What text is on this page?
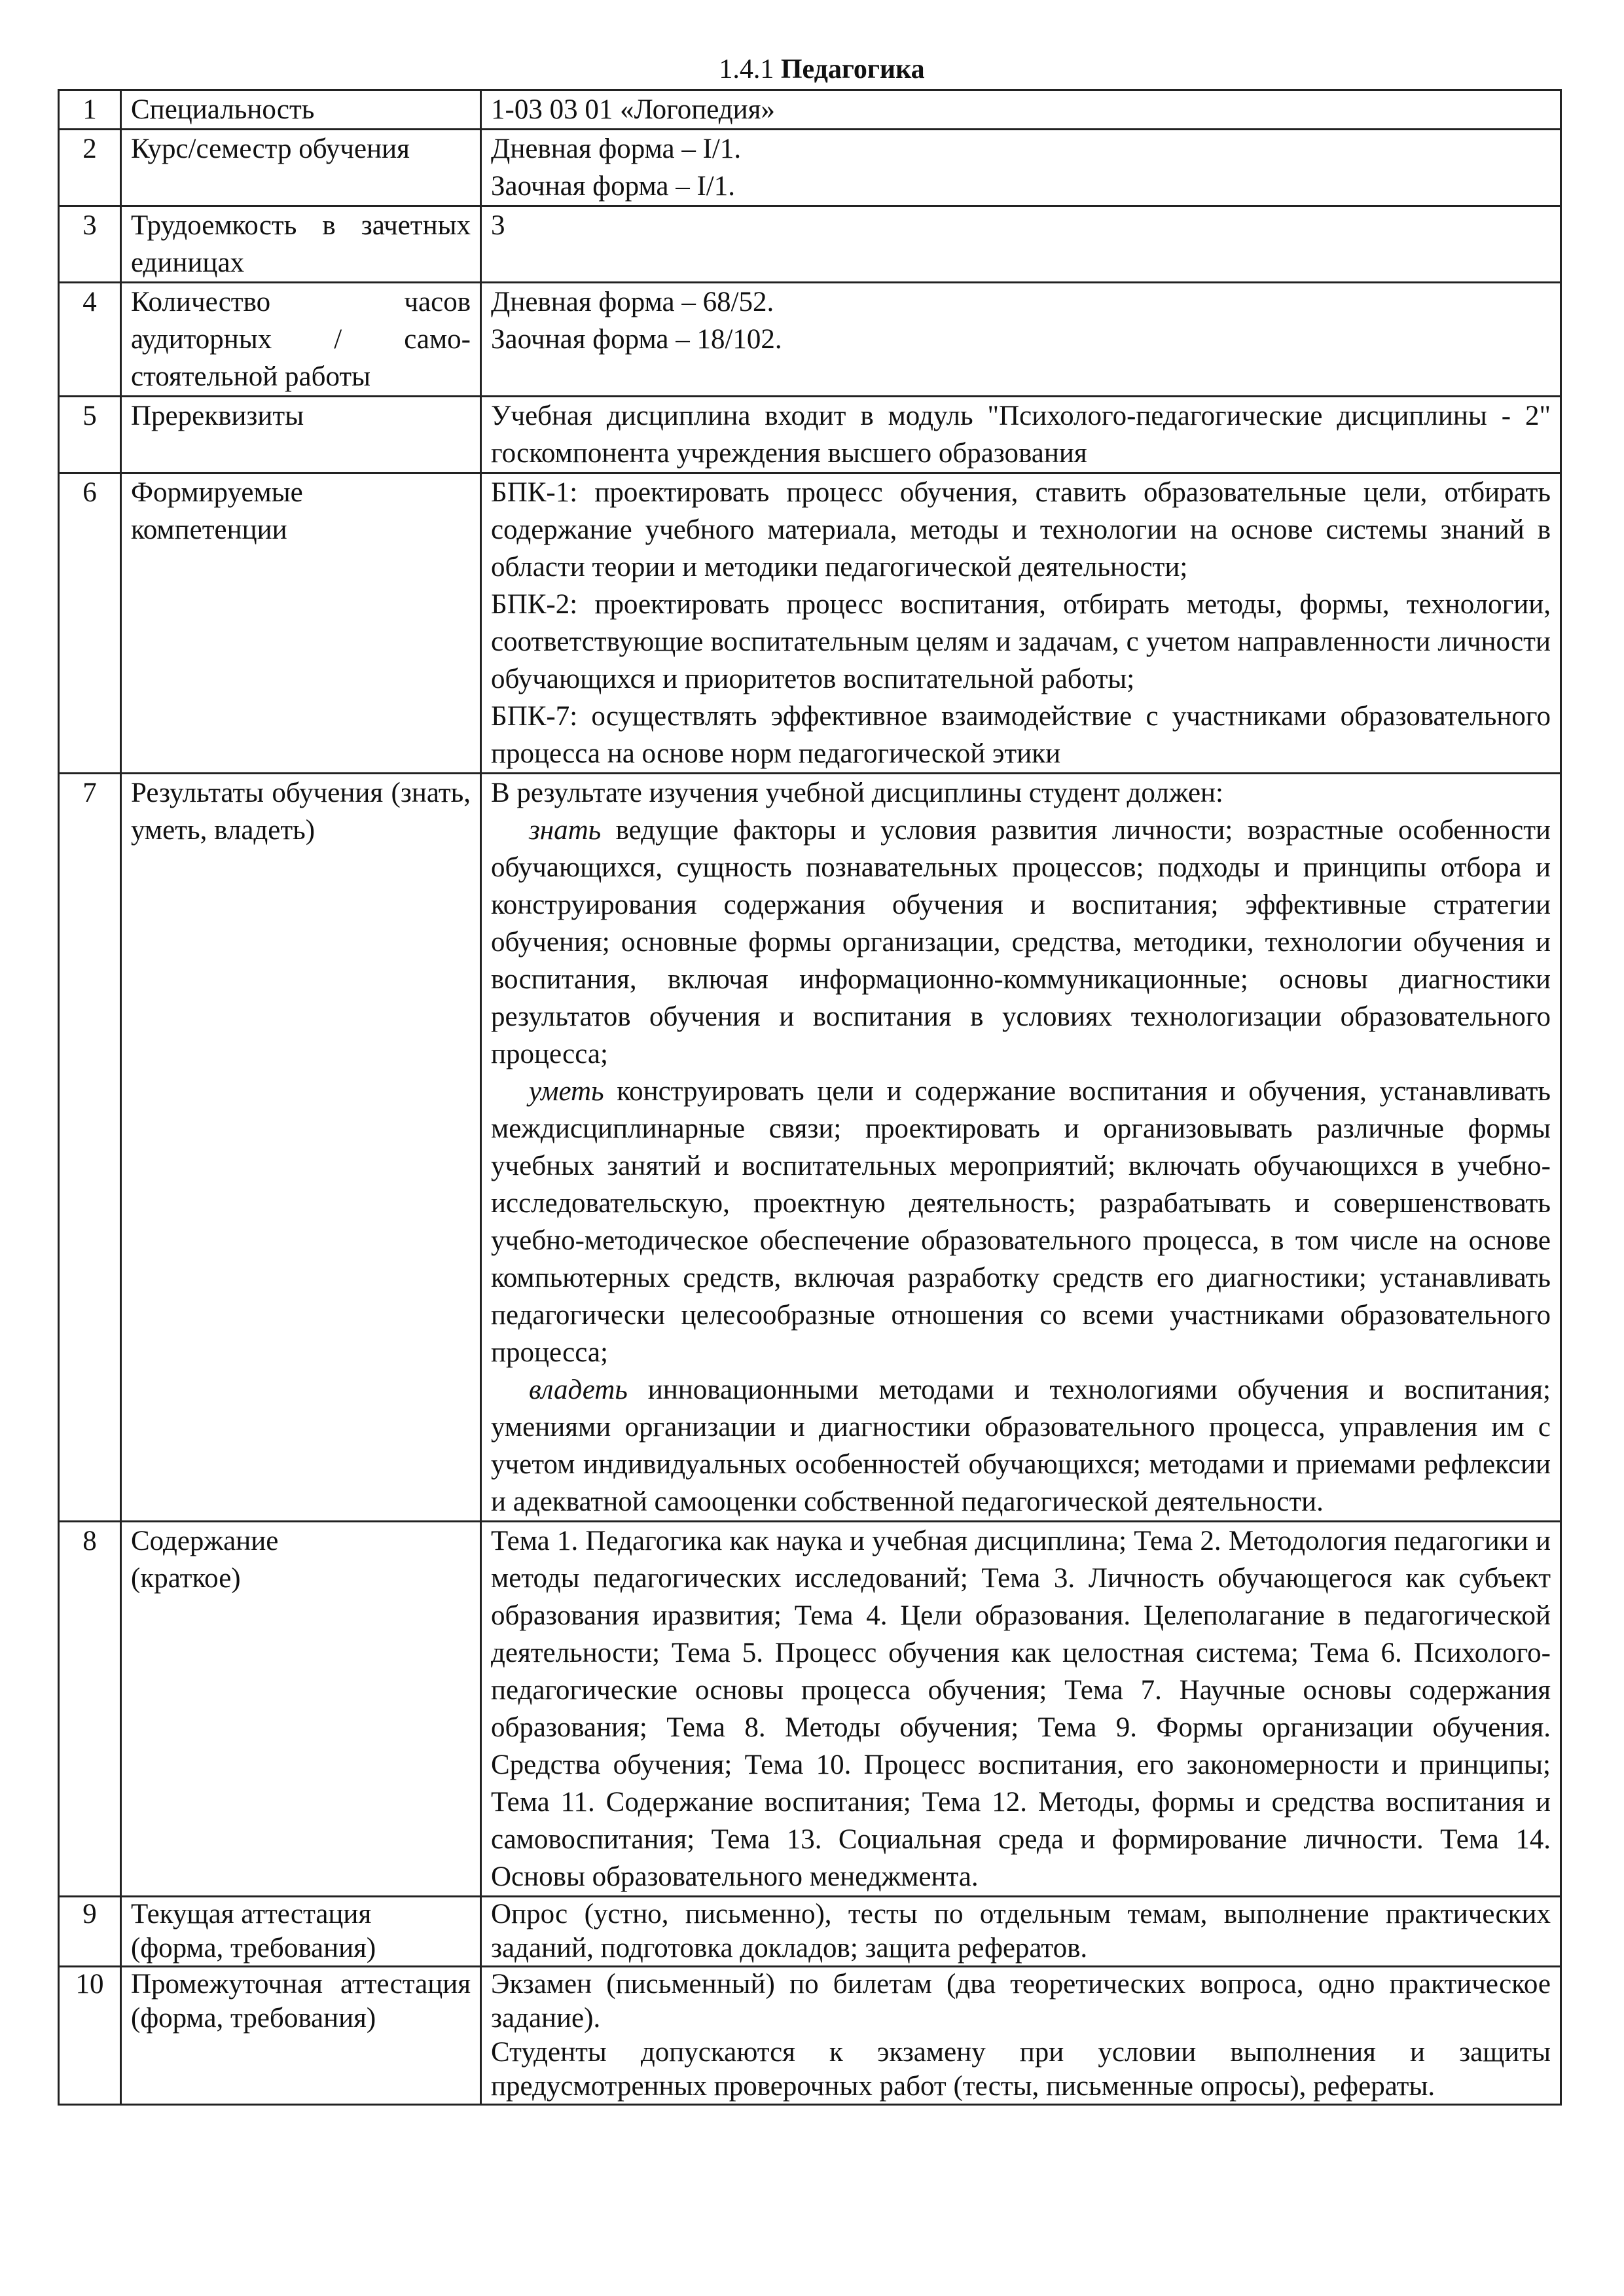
1.4.1 Педагогика
1	Специальность	1-03 03 01 «Логопедия»

2	Курс/семестр обучения	Дневная форма – I/1.

Заочная форма – I/1.

3	Трудоемкость в зачетных единицах	3

4	Количество часов аудиторных / само-стоятельной работы	Дневная форма – 68/52.

Заочная форма – 18/102.

5	Пререквизиты	Учебная дисциплина входит в модуль "Психолого-педагогические дисциплины - 2" госкомпонента учреждения высшего образования

6	Формируемые компетенции	БПК-1: проектировать процесс обучения, ставить образовательные цели, отбирать содержание учебного материала, методы и технологии на основе системы знаний в области теории и методики педагогической деятельности;

БПК-2: проектировать процесс воспитания, отбирать методы, формы, технологии, соответствующие воспитательным целям и задачам, с учетом направленности личности обучающихся и приоритетов воспитательной работы;

БПК-7: осуществлять эффективное взаимодействие с участниками образовательного процесса на основе норм педагогической этики

7	Результаты обучения (знать, уметь, владеть)	В результате изучения учебной дисциплины студент должен:

знать ведущие факторы и условия развития личности; возрастные особенности обучающихся, сущность познавательных процессов; подходы и принципы отбора и конструирования содержания обучения и воспитания; эффективные стратегии обучения; основные формы организации, средства, методики, технологии обучения и воспитания, включая информационно-коммуникационные; основы диагностики результатов обучения и воспитания в условиях технологизации образовательного процесса;

уметь конструировать цели и содержание воспитания и обучения, устанавливать междисциплинарные связи; проектировать и организовывать различные формы учебных занятий и воспитательных мероприятий; включать обучающихся в учебно-исследовательскую, проектную деятельность; разрабатывать и совершенствовать учебно-методическое обеспечение образовательного процесса, в том числе на основе компьютерных средств, включая разработку средств его диагностики; устанавливать педагогически целесообразные отношения со всеми участниками образовательного процесса;

владеть инновационными методами и технологиями обучения и воспитания; умениями организации и диагностики образовательного процесса, управления им с учетом индивидуальных особенностей обучающихся; методами и приемами рефлексии и адекватной самооценки собственной педагогической деятельности.

8	Содержание (краткое)	Тема 1. Педагогика как наука и учебная дисциплина; Тема 2. Методология педагогики и методы педагогических исследований; Тема 3. Личность обучающегося как субъект образования иразвития; Тема 4. Цели образования. Целеполагание в педагогической деятельности; Тема 5. Процесс обучения как целостная система; Тема 6. Психолого-педагогические основы процесса обучения; Тема 7. Научные основы содержания образования; Тема 8. Методы обучения; Тема 9. Формы организации обучения. Средства обучения; Тема 10. Процесс воспитания, его закономерности и принципы; Тема 11. Содержание воспитания; Тема 12. Методы, формы и средства воспитания и самовоспитания; Тема 13. Социальная среда и формирование личности. Тема 14. Основы образовательного менеджмента.

9	Текущая аттестация (форма, требования)	Опрос (устно, письменно), тесты по отдельным темам, выполнение практических заданий, подготовка докладов; защита рефератов.

10	Промежуточная аттестация (форма, требования)	Экзамен (письменный) по билетам (два теоретических вопроса, одно практическое задание).

Студенты допускаются к экзамену при условии выполнения и защиты предусмотренных проверочных работ (тесты, письменные опросы), рефераты.
